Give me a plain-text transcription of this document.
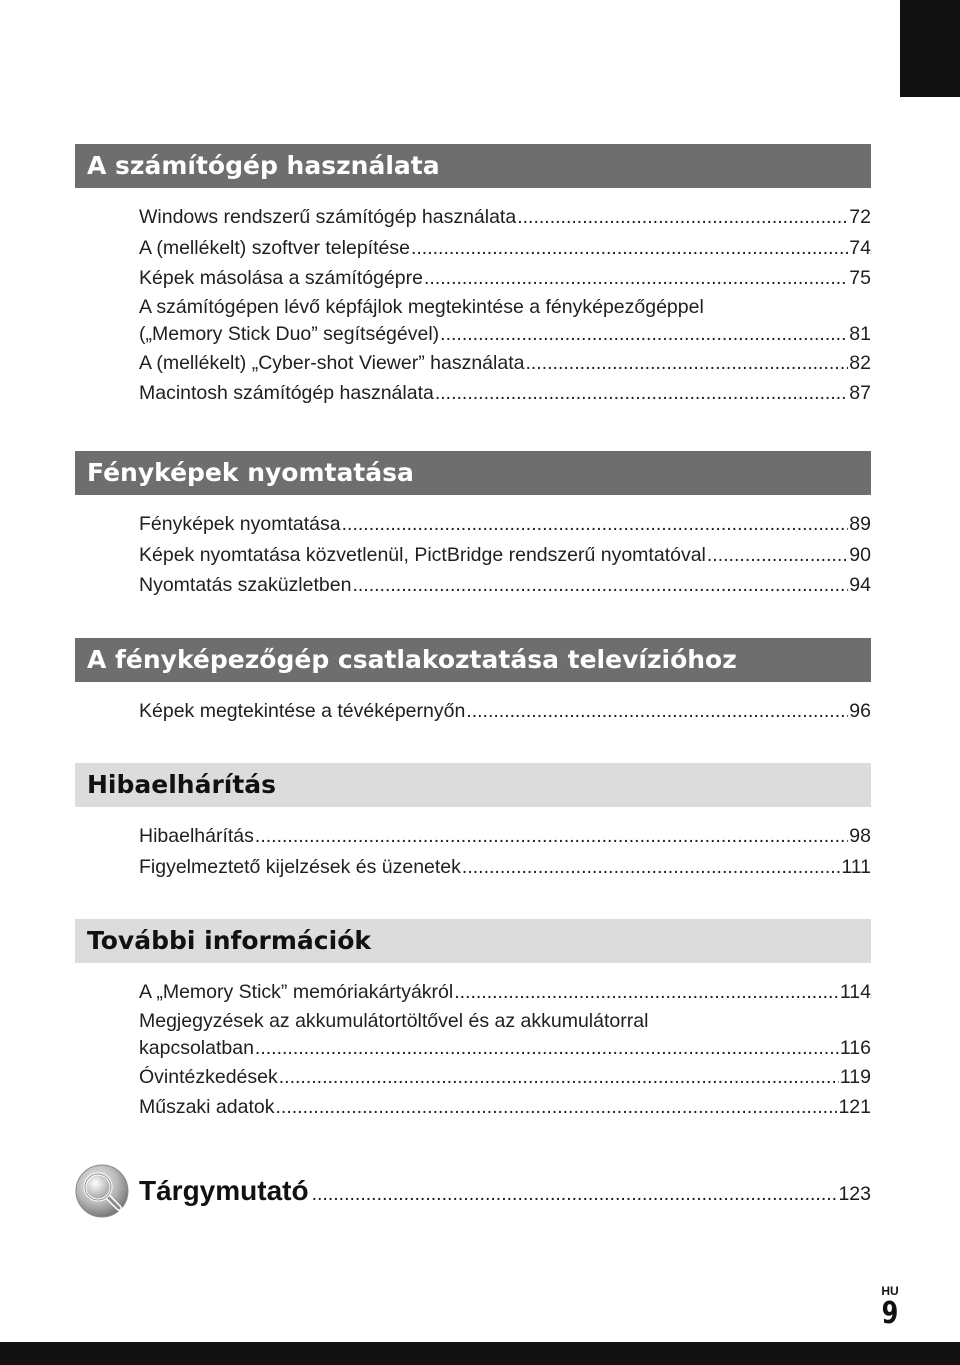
A számítógép használata
Windows rendszerű számítógép használata .....	72
A (mellékelt) szoftver telepítése .....	74
Képek másolása a számítógépre .....	75
A számítógépen lévő képfájlok megtekintése a fényképezőgéppel
(„Memory Stick Duo” segítségével) .....	81
A (mellékelt) „Cyber-shot Viewer” használata .....	82
Macintosh számítógép használata .....	87
Fényképek nyomtatása
Fényképek nyomtatása .....	89
Képek nyomtatása közvetlenül, PictBridge rendszerű nyomtatóval .....	90
Nyomtatás szaküzletben .....	94
A fényképezőgép csatlakoztatása televízióhoz
Képek megtekintése a tévéképernyőn .....	96
Hibaelhárítás
Hibaelhárítás .....	98
Figyelmeztető kijelzések és üzenetek .....	111
További információk
A „Memory Stick” memóriakártyákról .....	114
Megjegyzések az akkumulátortöltővel és az akkumulátorral
kapcsolatban .....	116
Óvintézkedések .....	119
Műszaki adatok .....	121
Tárgymutató .....	123
HU
9
